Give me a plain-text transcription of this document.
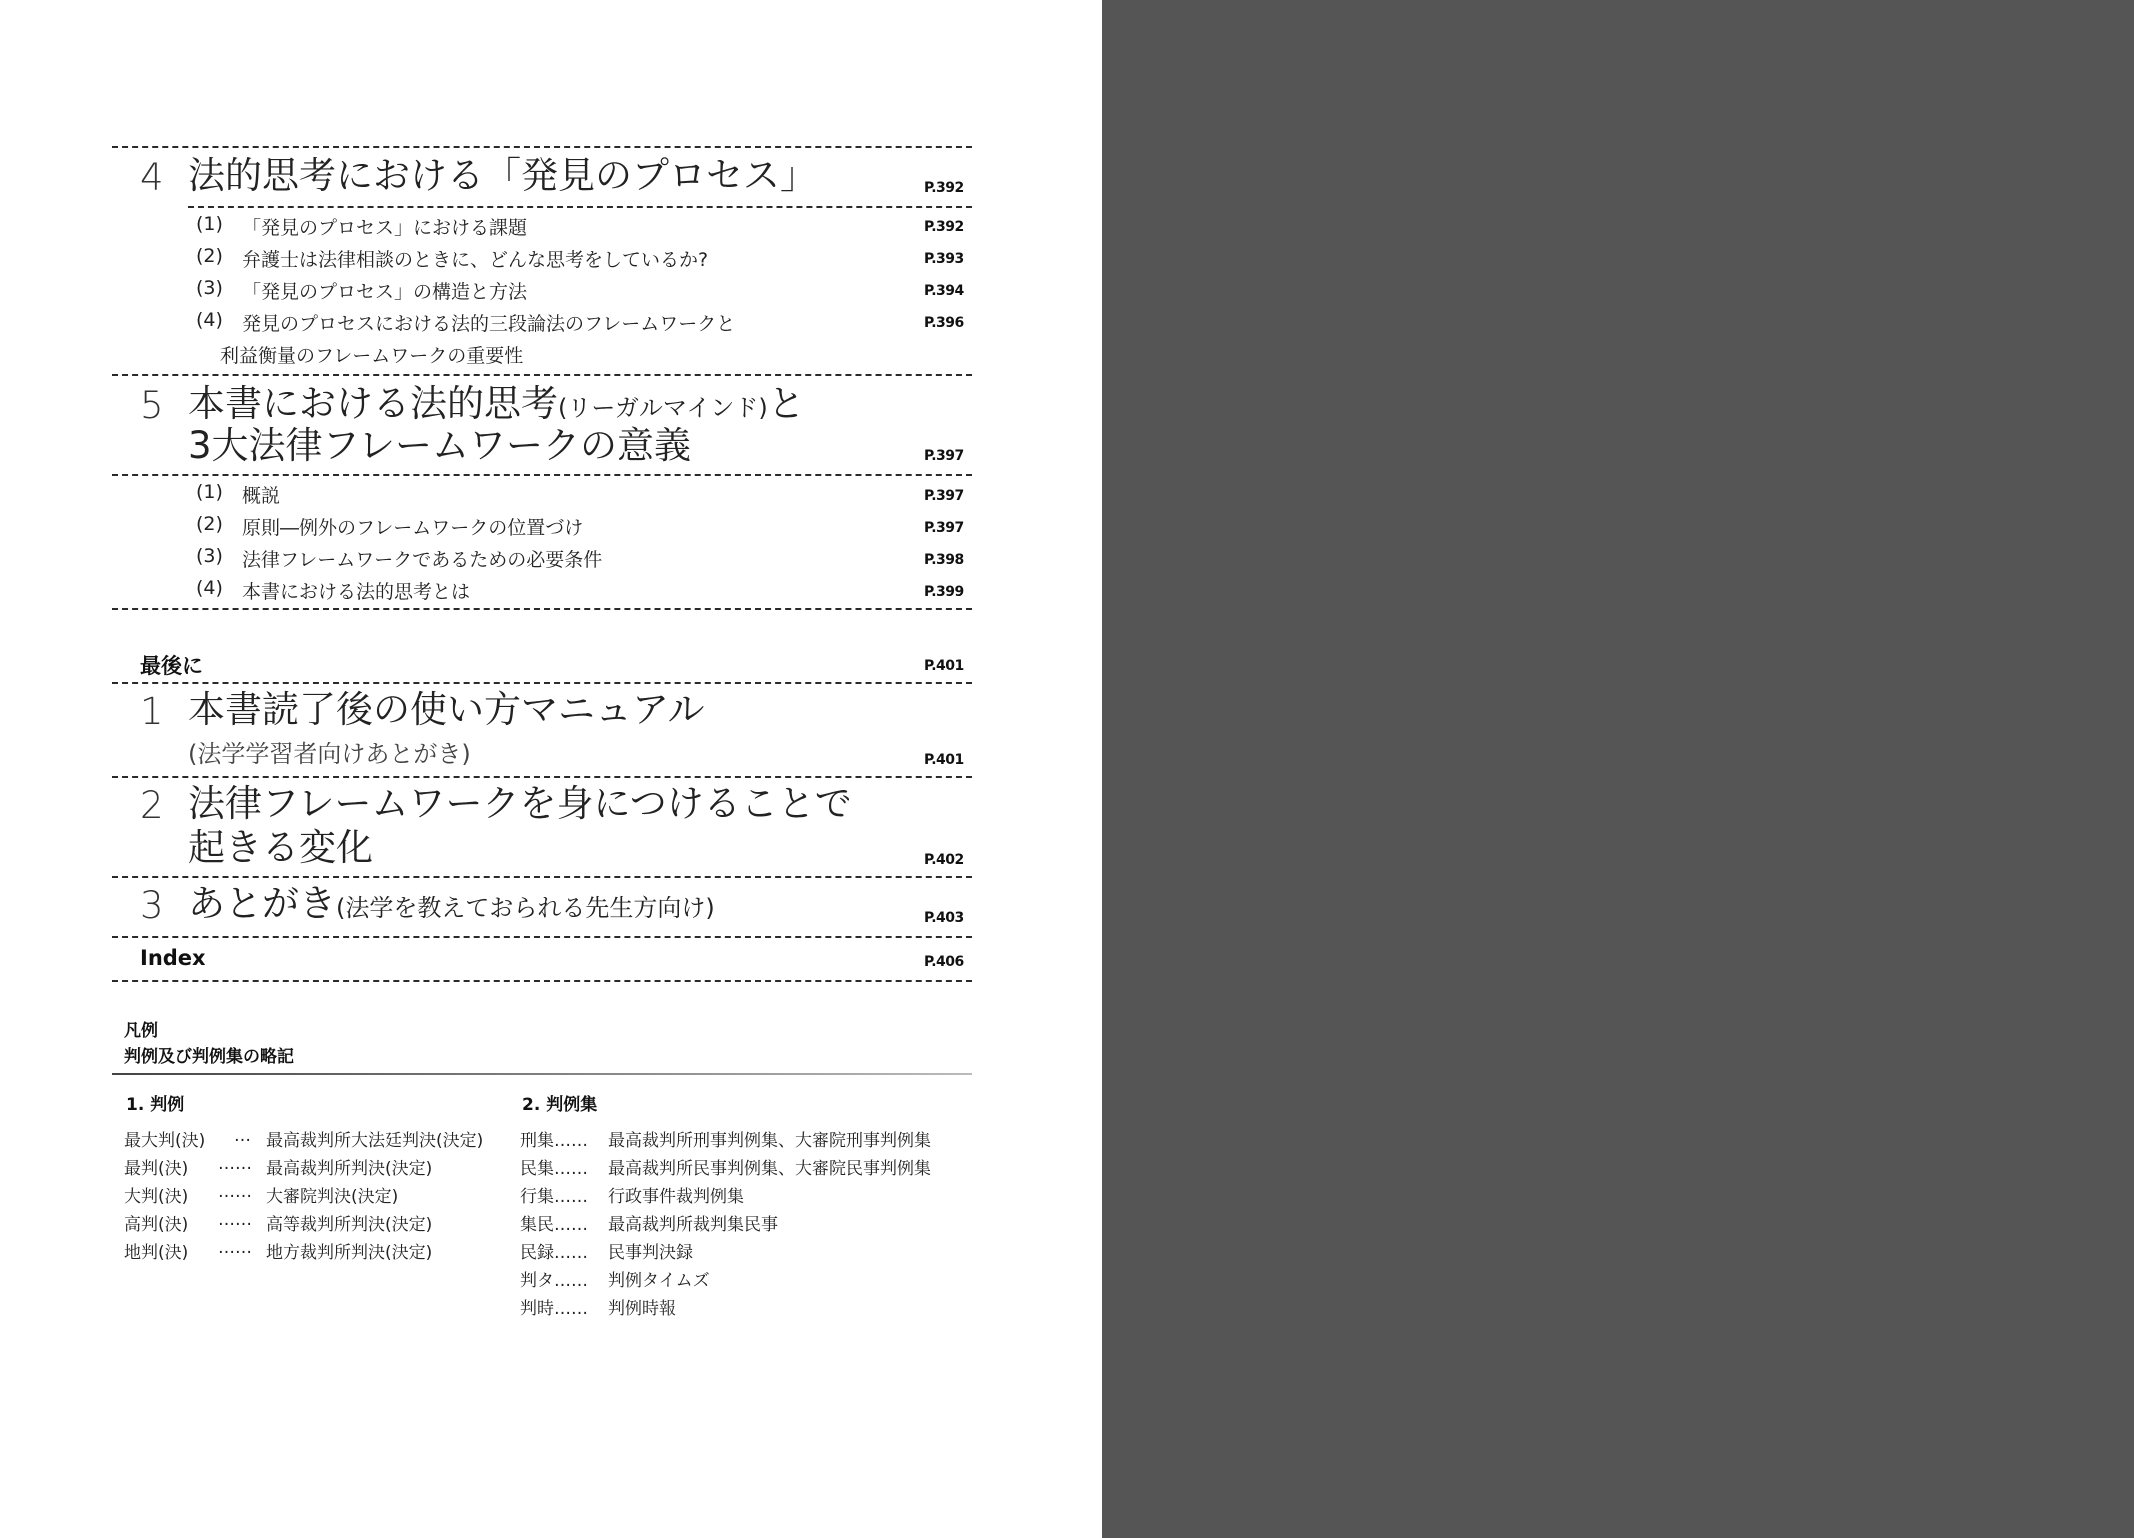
4 法的思考における「発見のプロセス」	P.392
(1) 「発見のプロセス」における課題	P.392
(2) 弁護士は法律相談のときに、どんな思考をしているか?	P.393
(3) 「発見のプロセス」の構造と方法	P.394
(4) 発見のプロセスにおける法的三段論法のフレームワークと	P.396
利益衡量のフレームワークの重要性
5 本書における法的思考(リーガルマインド)と
3大法律フレームワークの意義	P.397
(1) 概説	P.397
(2) 原則―例外のフレームワークの位置づけ	P.397
(3) 法律フレームワークであるための必要条件	P.398
(4) 本書における法的思考とは	P.399
最後に	P.401
1 本書読了後の使い方マニュアル
(法学学習者向けあとがき)	P.401
2 法律フレームワークを身につけることで
起きる変化	P.402
3 あとがき(法学を教えておられる先生方向け)	P.403
Index	P.406
凡例
判例及び判例集の略記
1. 判例	2. 判例集
最大判(決) … 最高裁判所大法廷判決(決定)
最判(決) …… 最高裁判所判決(決定)
大判(決) …… 大審院判決(決定)
高判(決) …… 高等裁判所判決(決定)
地判(決) …… 地方裁判所判決(決定)
刑集…… 最高裁判所刑事判例集、大審院刑事判例集
民集…… 最高裁判所民事判例集、大審院民事判例集
行集…… 行政事件裁判例集
集民…… 最高裁判所裁判集民事
民録…… 民事判決録
判タ…… 判例タイムズ
判時…… 判例時報
